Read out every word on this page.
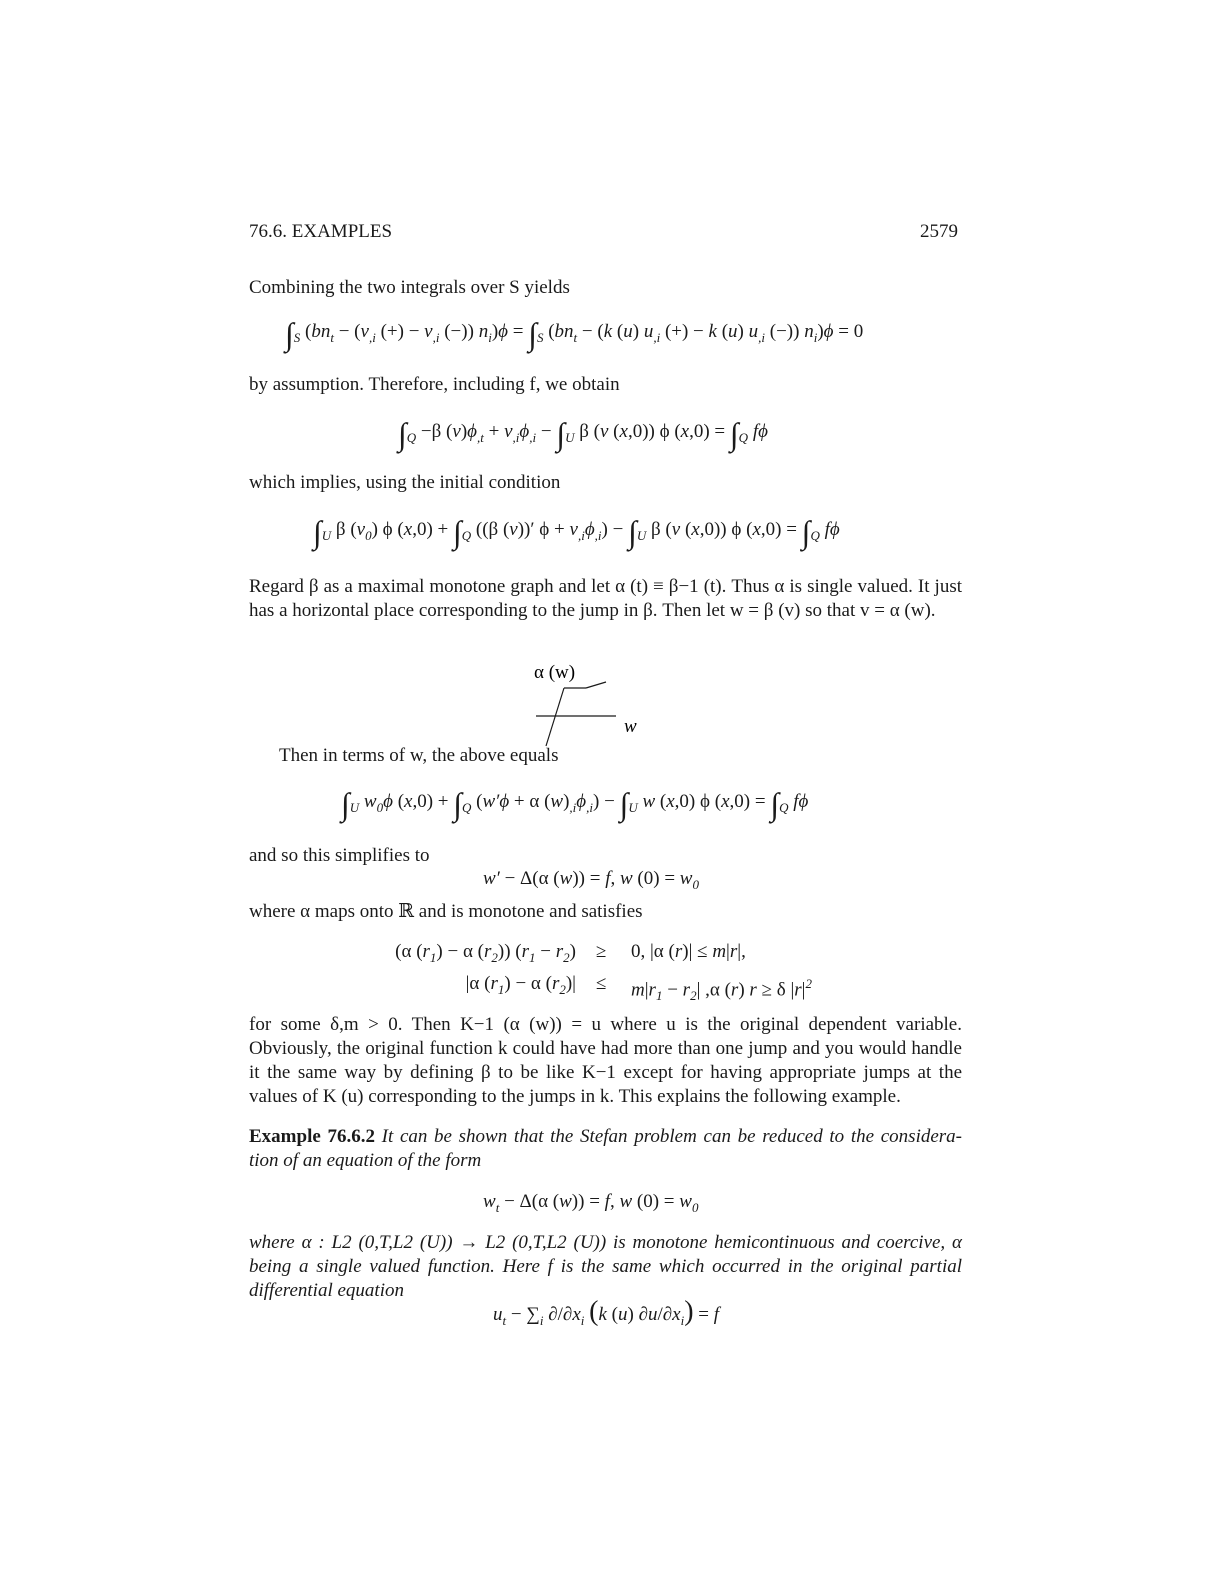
76.6. EXAMPLES	2579
Combining the two integrals over S yields
$\int_S$ ($bn_t - (v_{,i}$ (+) − $v_{,i}$ (−)) $n_i)\phi = \int_S$ ($bn_t - (k$ (u) $u_{,i}$ (+) − k (u) $u_{,i}$ (−)) $n_i)\phi = 0$
by assumption. Therefore, including f, we obtain
$\int_Q -\beta$ $(v)\phi_{,t} + v_{,i}\phi_{,i} - \int_U$ β (v (x,0)) ϕ $(x,0) = \int_Q$ fϕ
which implies, using the initial condition
$\int_U$ β $(v_0)$ ϕ $(x,0) + \int_Q$ ((β (v))′ $\phi + v_{,i}\phi_{,i}) - \int_U$ β (v (x,0)) ϕ $(x,0) = \int_Q$ fϕ
Regard β as a maximal monotone graph and let α (t) ≡ β−1 (t). Thus α is single valued. It just has a horizontal place corresponding to the jump in β. Then let w = β (v) so that v = α (w).
α (w)
w
Then in terms of w, the above equals
$\int_U$ $w_0\phi$ $(x,0) + \int_Q$ (w′ϕ + α $(w)_{,i}\phi_{,i}) - \int_U$ w (x,0) ϕ $(x,0) = \int_Q$ fϕ
and so this simplifies to
w′ − Δ(α (w)) = f, w $(0) = w_0$
where α maps onto ℝ and is monotone and satisfies
(α $(r_1) - \alpha$ $(r_2)$) $(r_1 - r_2) \ge 0$, |α (r)| ≤ m|r|,
|α $(r_1) - \alpha$ $(r_2)| \le m|r_1 - r_2|$ ,α (r) r ≥ δ $|r|^2$
for some δ,m > 0. Then K−1 (α (w)) = u where u is the original dependent variable. Obviously, the original function k could have had more than one jump and you would handle it the same way by defining β to be like K−1 except for having appropriate jumps at the values of K (u) corresponding to the jumps in k. This explains the following example.
Example 76.6.2 It can be shown that the Stefan problem can be reduced to the considera-tion of an equation of the form
$w_t - \Delta(\alpha$ (w)) = f, w $(0) = w_0$
where α : L2 (0,T,L2 (U)) → L2 (0,T,L2 (U)) is monotone hemicontinuous and coercive, α being a single valued function. Here f is the same which occurred in the original partial differential equation
$u_t - \sum_i$ $\partial/\partial x_i$ (k (u) $\partial u/\partial x_i) = f$
